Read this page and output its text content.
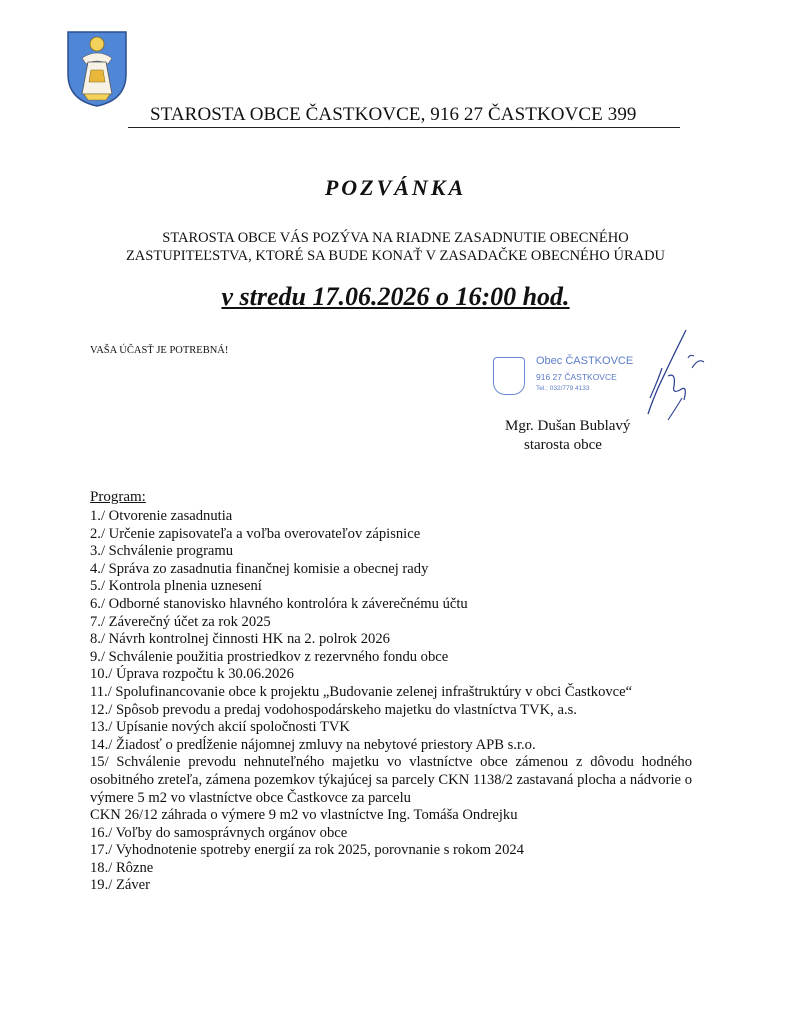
STAROSTA OBCE ČASTKOVCE, 916 27 ČASTKOVCE 399
POZVÁNKA
STAROSTA OBCE VÁS POZÝVA NA RIADNE ZASADNUTIE OBECNÉHO
ZASTUPITEĽSTVA, KTORÉ SA BUDE KONAŤ V ZASADAČKE OBECNÉHO ÚRADU
v stredu 17.06.2026 o 16:00 hod.
VAŠA ÚČASŤ JE POTREBNÁ!
Obec ČASTKOVCE
916 27 ČASTKOVCE
Tel.: 032/779 4133
Mgr. Dušan Bublavý
starosta obce
Program:
1./ Otvorenie zasadnutia
2./ Určenie zapisovateľa a voľba overovateľov zápisnice
3./ Schválenie programu
4./ Správa zo zasadnutia finančnej komisie a obecnej rady
5./ Kontrola plnenia uznesení
6./ Odborné stanovisko hlavného kontrolóra k záverečnému účtu
7./ Záverečný účet za rok 2025
8./ Návrh kontrolnej činnosti HK na 2. polrok 2026
9./ Schválenie použitia prostriedkov z rezervného fondu obce
10./ Úprava rozpočtu k 30.06.2026
11./ Spolufinancovanie obce k projektu „Budovanie zelenej infraštruktúry v obci Častkovce“
12./ Spôsob prevodu a predaj vodohospodárskeho majetku do vlastníctva TVK, a.s.
13./ Upísanie nových akcií spoločnosti TVK
14./ Žiadosť o predĺženie nájomnej zmluvy na nebytové priestory APB s.r.o.
15/ Schválenie prevodu nehnuteľného majetku vo vlastníctve obce zámenou z dôvodu hodného osobitného zreteľa, zámena pozemkov týkajúcej sa parcely CKN 1138/2 zastavaná plocha a nádvorie o výmere 5 m2 vo vlastníctve obce Častkovce za parcelu
CKN 26/12 záhrada o výmere 9 m2 vo vlastníctve Ing. Tomáša Ondrejku
16./ Voľby do samosprávnych orgánov obce
17./ Vyhodnotenie spotreby energií za rok 2025, porovnanie s rokom 2024
18./ Rôzne
19./ Záver
